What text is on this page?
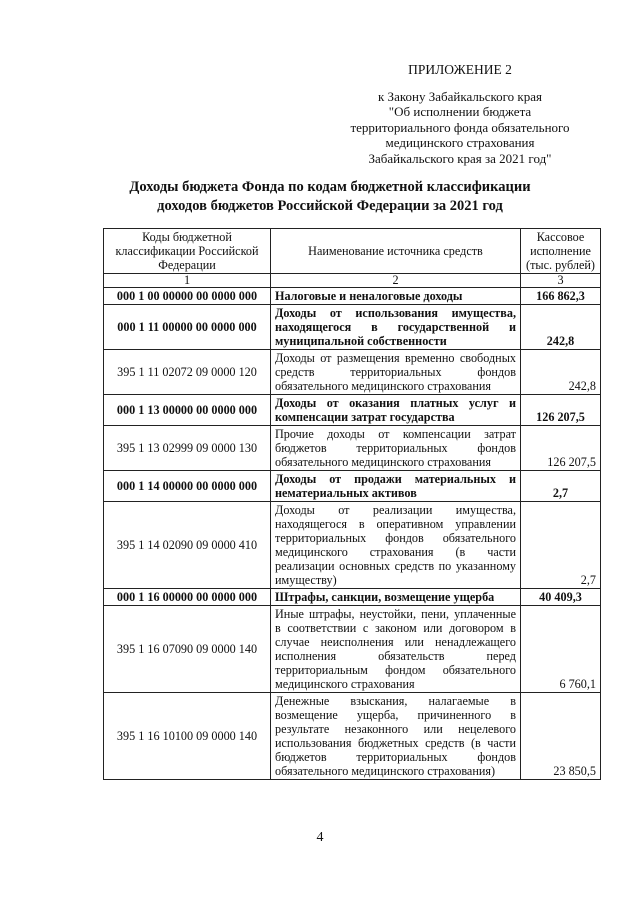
ПРИЛОЖЕНИЕ 2
к Закону Забайкальского края
"Об исполнении бюджета
территориального фонда обязательного
медицинского страхования
Забайкальского края за 2021 год"
Доходы бюджета Фонда по кодам бюджетной классификации
доходов бюджетов Российской Федерации за 2021 год
Коды бюджетной классификации Российской Федерации	Наименование источника средств	Кассовое исполнение (тыс. рублей)
1	2	3
000 1 00 00000 00 0000 000	Налоговые и неналоговые доходы	166 862,3
000 1 11 00000 00 0000 000	Доходы от использования имущества, находящегося в государственной и муниципальной собственности	242,8
395 1 11 02072 09 0000 120	Доходы от размещения временно свободных средств территориальных фондов обязательного медицинского страхования	242,8
000 1 13 00000 00 0000 000	Доходы от оказания платных услуг и компенсации затрат государства	126 207,5
395 1 13 02999 09 0000 130	Прочие доходы от компенсации затрат бюджетов территориальных фондов обязательного медицинского страхования	126 207,5
000 1 14 00000 00 0000 000	Доходы от продажи материальных и нематериальных активов	2,7
395 1 14 02090 09 0000 410	Доходы от реализации имущества, находящегося в оперативном управлении территориальных фондов обязательного медицинского страхования (в части реализации основных средств по указанному имуществу)	2,7
000 1 16 00000 00 0000 000	Штрафы, санкции, возмещение ущерба	40 409,3
395 1 16 07090 09 0000 140	Иные штрафы, неустойки, пени, уплаченные в соответствии с законом или договором в случае неисполнения или ненадлежащего исполнения обязательств перед территориальным фондом обязательного медицинского страхования	6 760,1
395 1 16 10100 09 0000 140	Денежные взыскания, налагаемые в возмещение ущерба, причиненного в результате незаконного или нецелевого использования бюджетных средств (в части бюджетов территориальных фондов обязательного медицинского страхования)	23 850,5
4
